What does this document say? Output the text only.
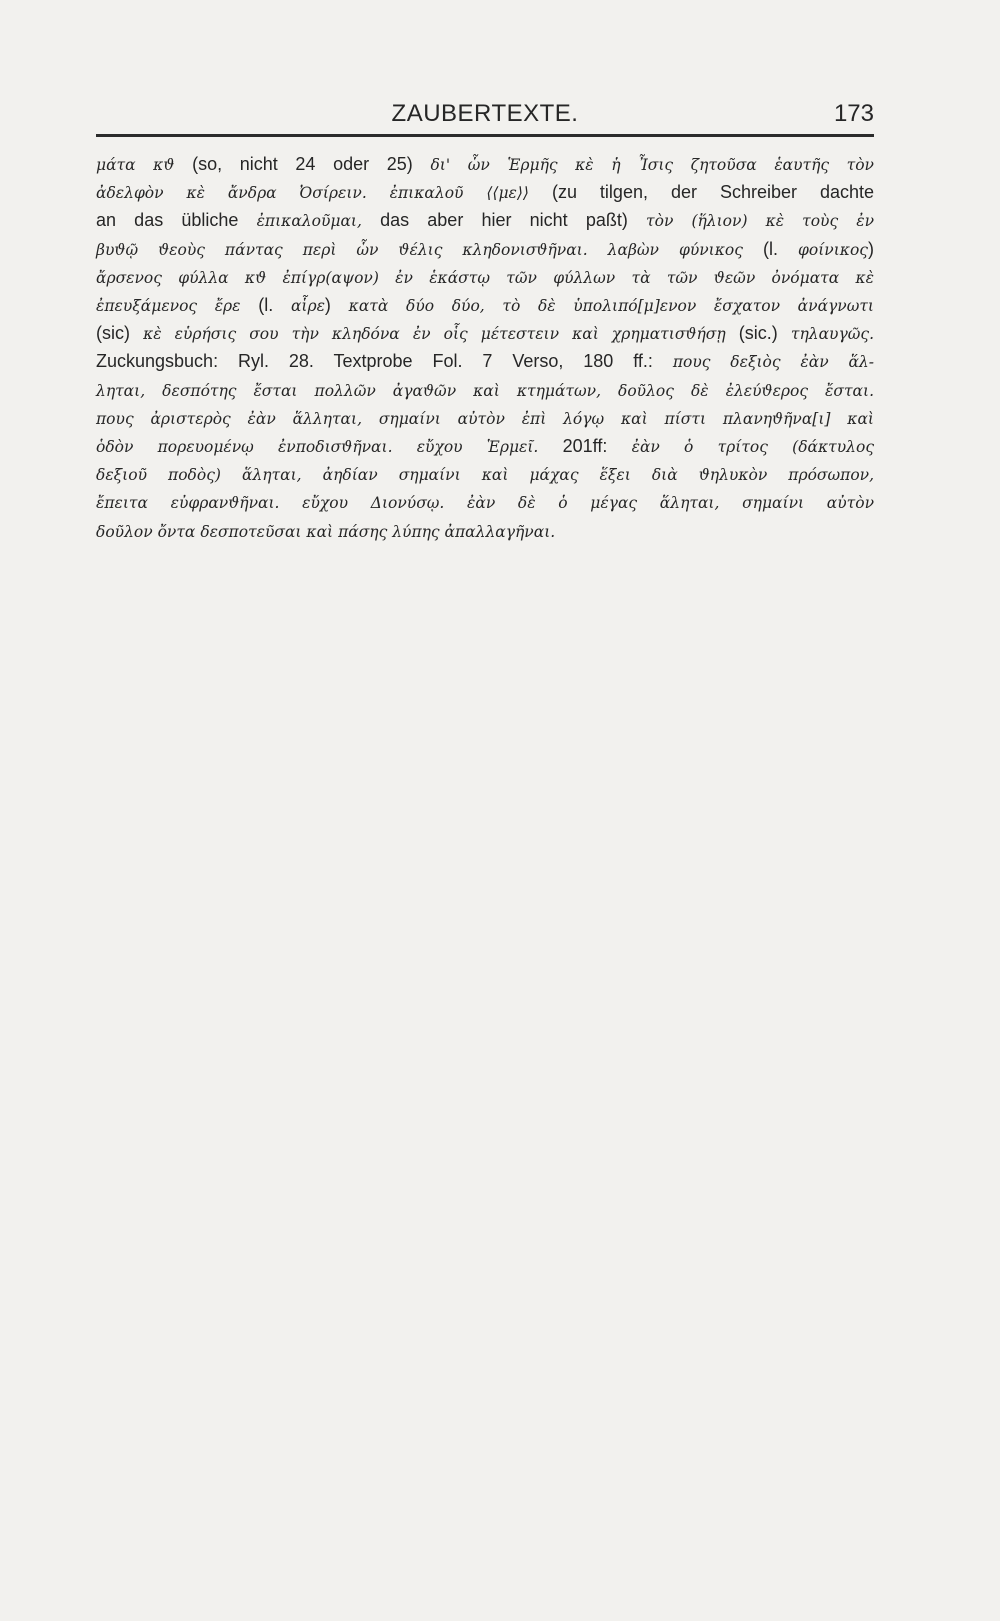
ZAUBERTEXTE.	173

μάτα κϑ (so, nicht 24 oder 25) δι' ὧν Ἑρμῆς κὲ ἡ Ἶσις ζητοῦσα ἑαυτῆς τὸν
ἀδελφὸν κὲ ἄνδρα Ὀσίρειν. ἐπικαλοῦ ⟨⟨με⟩⟩ (zu tilgen, der Schreiber dachte
an das übliche ἐπικαλοῦμαι, das aber hier nicht paßt) τὸν (ἥλιον) κὲ τοὺς ἐν
βυϑῷ ϑεοὺς πάντας περὶ ὧν ϑέλις κληδονισϑῆναι. λαβὼν φύνικος (l. φοίνικος)
ἄρσενος φύλλα κϑ ἐπίγρ(αψον) ἐν ἑκάστῳ τῶν φύλλων τὰ τῶν ϑεῶν ὀνόματα κὲ
ἐπευξάμενος ἔρε (l. αἷρε) κατὰ δύο δύο, τὸ δὲ ὑπολιπό[μ]ενον ἔσχατον ἀνάγνωτι
(sic) κὲ εὑρήσις σου τὴν κληδόνα ἐν οἷς μέτεστειν καὶ χρηματισϑήσῃ (sic.) τηλαυγῶς.
Zuckungsbuch: Ryl. 28. Textprobe Fol. 7 Verso, 180 ff.: πους δεξιὸς ἐὰν ἅλ-
ληται, δεσπότης ἔσται πολλῶν ἀγαϑῶν καὶ κτημάτων, δοῦλος δὲ ἐλεύϑερος ἔσται.
πους ἀριστερὸς ἐὰν ἅλληται, σημαίνι αὐτὸν ἐπὶ λόγῳ καὶ πίστι πλανηϑῆνα[ι] καὶ
ὁδὸν πορευομένῳ ἐνποδισϑῆναι. εὔχου Ἑρμεῖ. 201ff: ἐὰν ὁ τρίτος (δάκτυλος
δεξιοῦ ποδὸς) ἅληται, ἀηδίαν σημαίνι καὶ μάχας ἕξει διὰ ϑηλυκὸν πρόσωπον,
ἔπειτα εὐφρανϑῆναι. εὔχου Διονύσῳ. ἐὰν δὲ ὁ μέγας ἅληται, σημαίνι αὐτὸν
δοῦλον ὄντα δεσποτεῦσαι καὶ πάσης λύπης ἀπαλλαγῆναι.
